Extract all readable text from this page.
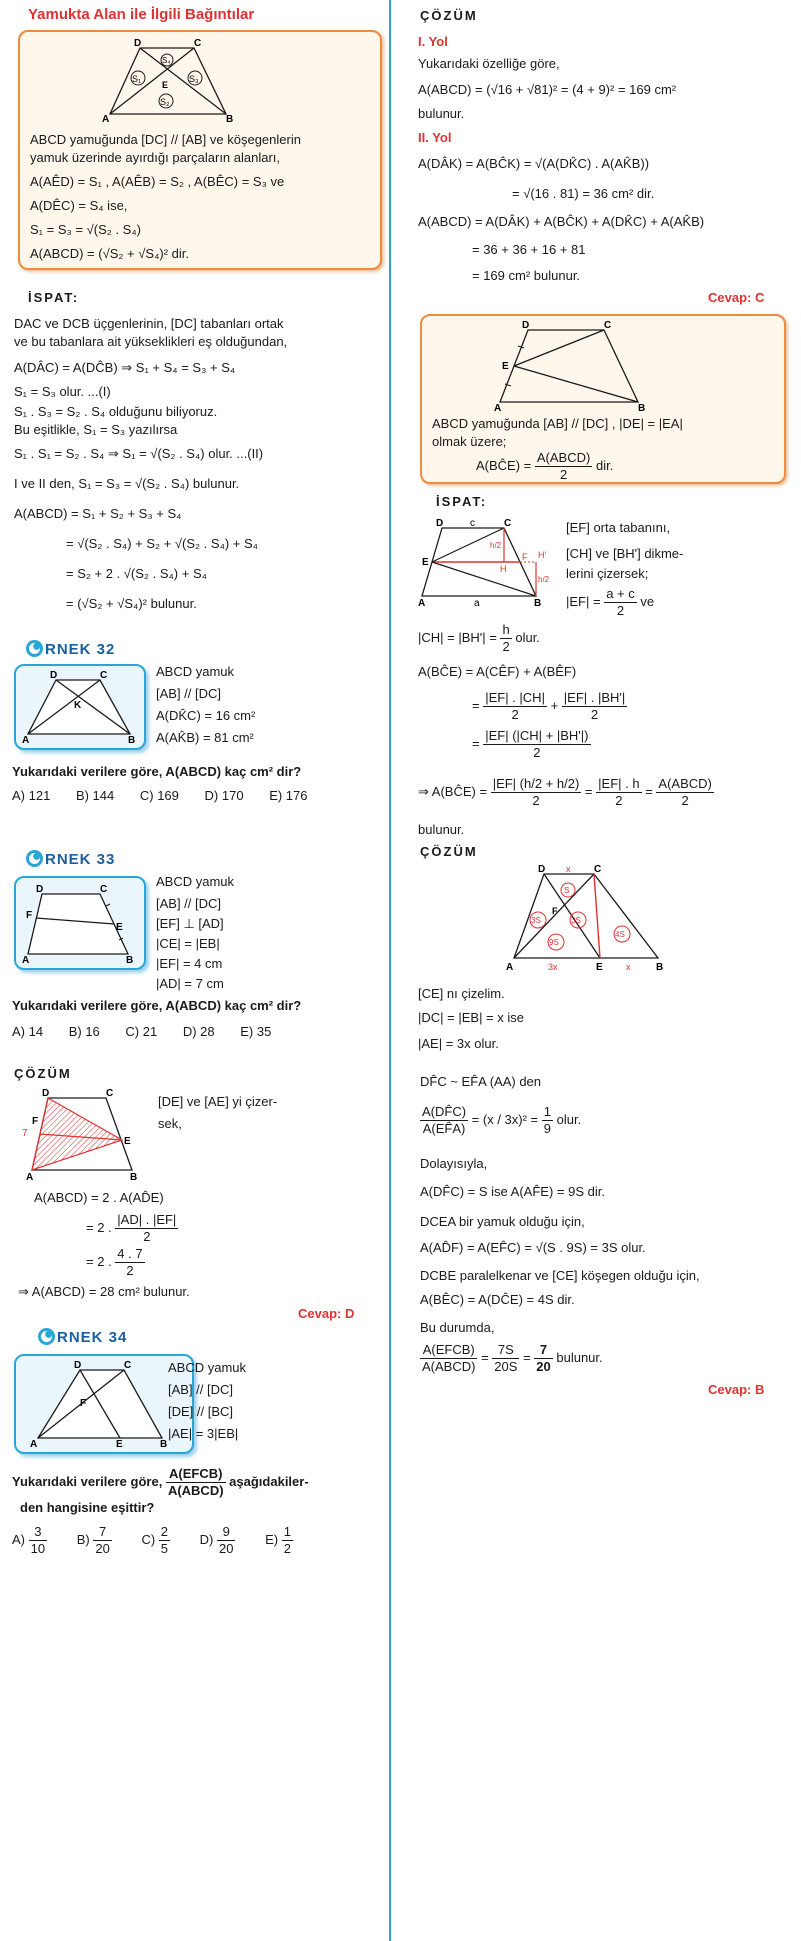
Yamukta Alan ile İlgili Bağıntılar
S₄
S₁	S₃
S₂
D	C
A	B
E
ABCD yamuğunda [DC] // [AB] ve köşegenlerin
yamuk üzerinde ayırdığı parçaların alanları,
A(AÊD) = S₁ , A(AÊB) = S₂ , A(BÊC) = S₃ ve
A(DÊC) = S₄ ise,
S₁ = S₃ = √(S₂ . S₄)
A(ABCD) = (√S₂ + √S₄)² dir.
İSPAT:
DAC ve DCB üçgenlerinin, [DC] tabanları ortak
ve bu tabanlara ait yükseklikleri eş olduğundan,
A(DÂC) = A(DĈB) ⇒ S₁ + S₄ = S₃ + S₄
S₁ = S₃ olur. ...(I)
S₁ . S₃ = S₂ . S₄ olduğunu biliyoruz.
Bu eşitlikle, S₁ = S₃ yazılırsa
S₁ . S₁ = S₂ . S₄ ⇒ S₁ = √(S₂ . S₄) olur. ...(II)
I ve II den, S₁ = S₃ = √(S₂ . S₄) bulunur.
A(ABCD) = S₁ + S₂ + S₃ + S₄
= √(S₂ . S₄) + S₂ + √(S₂ . S₄) + S₄
= S₂ + 2 . √(S₂ . S₄) + S₄
= (√S₂ + √S₄)² bulunur.
RNEK 32
D	C
A	B
K
ABCD yamuk
[AB] // [DC]
A(DK̂C) = 16 cm²
A(AK̂B) = 81 cm²
Yukarıdaki verilere göre, A(ABCD) kaç cm² dir?
A) 121 B) 144 C) 169 D) 170 E) 176
RNEK 33
D	C
A	B
F
E
ABCD yamuk
[AB] // [DC]
[EF] ⊥ [AD]
|CE| = |EB|
|EF| = 4 cm
|AD| = 7 cm
Yukarıdaki verilere göre, A(ABCD) kaç cm² dir?
A) 14 B) 16 C) 21 D) 28 E) 35
ÇÖZÜM
D	C
A	B
F
E
7
[DE] ve [AE] yi çizer-
sek,
A(ABCD) = 2 . A(AD̂E)
= 2 . $\frac{|AD| . |EF|}{2}$
= 2 . $\frac{4 . 7}{2}$
⇒ A(ABCD) = 28 cm² bulunur.
Cevap: D
RNEK 34
D	C
A	B
E
F
ABCD yamuk
[AB] // [DC]
[DE] // [BC]
|AE| = 3|EB|
Yukarıdaki verilere göre, $\frac{\text{A(EFCB)}}{\text{A(ABCD)}}$ aşağıdakiler-
den hangisine eşittir?
$A) \frac{3}{10} B) \frac{7}{20} C) \frac{2}{5} D) \frac{9}{20} E) \frac{1}{2}$
ÇÖZÜM
I. Yol
Yukarıdaki özelliğe göre,
A(ABCD) = (√16 + √81)² = (4 + 9)² = 169 cm²
bulunur.
II. Yol
A(DÂK) = A(BĈK) = √(A(DK̂C) . A(AK̂B))
= √(16 . 81) = 36 cm² dir.
A(ABCD) = A(DÂK) + A(BĈK) + A(DK̂C) + A(AK̂B)
= 36 + 36 + 16 + 81
= 169 cm² bulunur.
Cevap: C
D	C
A	B
E
ABCD yamuğunda [AB] // [DC] , |DE| = |EA|
olmak üzere;
A(BĈE) = $\frac{\text{A(ABCD)}}{2}$ dir.
İSPAT:
D	c	C
A	a	B
E	F
H
H'
h/2
h/2
[EF] orta tabanını,
[CH] ve [BH'] dikme-
lerini çizersek;
$|EF| = \frac{a + c}{2}$ ve
$|CH| = |BH'| = \frac{h}{2}$ olur.
A(BĈE) = A(CÊF) + A(BÊF)
= $\frac{|EF| . |CH|}{2} + \frac{|EF| . |BH'|}{2}$
= $\frac{|EF| (|CH| + |BH'|)}{2}$
⇒ A(BĈE) = $\frac{|EF| (h/2 + h/2)}{2} = \frac{|EF| . h}{2} = \frac{\text{A(ABCD)}}{2}$
bulunur.
ÇÖZÜM
S
3S	3S
9S
4S
D x C
A	3x	E	x	B
F
[CE] nı çizelim.
|DC| = |EB| = x ise
|AE| = 3x olur.
DF̂C ~ EF̂A (AA) den
$\frac{A(DF̂C)}{A(EF̂A)} = (x / 3x)^2 = \frac{1}{9}$ olur.
Dolayısıyla,
A(DF̂C) = S ise A(AF̂E) = 9S dir.
DCEA bir yamuk olduğu için,
A(AD̂F) = A(EF̂C) = √(S . 9S) = 3S olur.
DCBE paralelkenar ve [CE] köşegen olduğu için,
A(BÊC) = A(DĈE) = 4S dir.
Bu durumda,
$\frac{\text{A(EFCB)}}{\text{A(ABCD)}} = \frac{7S}{20S} = \frac{7}{20}$ bulunur.
Cevap: B
